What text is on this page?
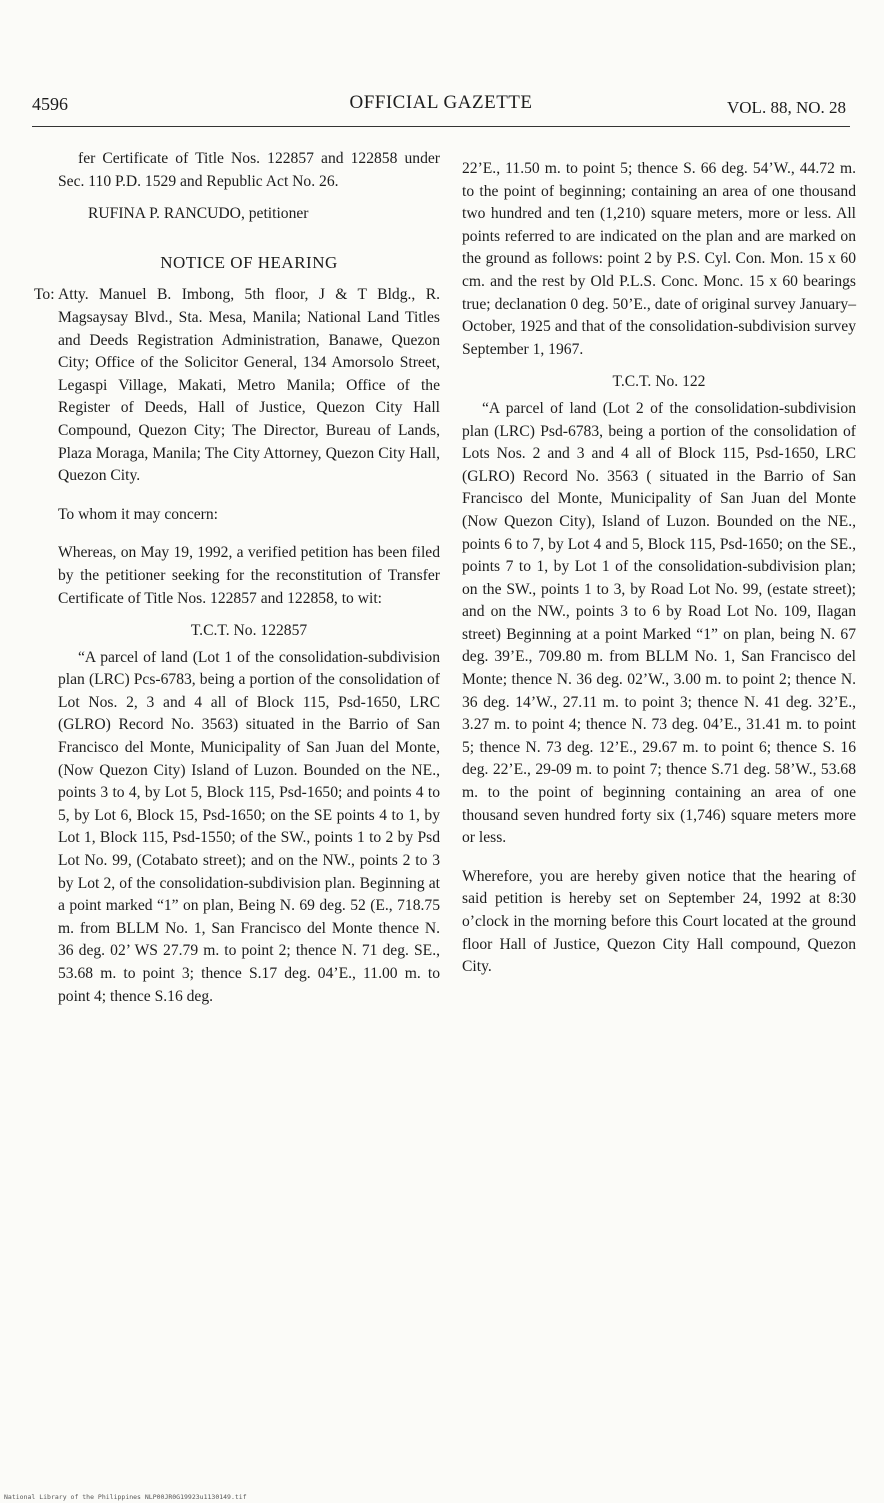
4596	OFFICIAL GAZETTE	VOL. 88, NO. 28

fer Certificate of Title Nos. 122857 and 122858 under Sec. 110 P.D. 1529 and Republic Act No. 26.

RUFINA P. RANCUDO, petitioner

NOTICE OF HEARING

To: Atty. Manuel B. Imbong, 5th floor, J & T Bldg., R. Magsaysay Blvd., Sta. Mesa, Manila; National Land Titles and Deeds Registration Administration, Banawe, Quezon City; Office of the Solicitor General, 134 Amorsolo Street, Legaspi Village, Makati, Metro Manila; Office of the Register of Deeds, Hall of Justice, Quezon City Hall Compound, Quezon City; The Director, Bureau of Lands, Plaza Moraga, Manila; The City Attorney, Quezon City Hall, Quezon City.

To whom it may concern:

Whereas, on May 19, 1992, a verified petition has been filed by the petitioner seeking for the reconstitution of Transfer Certificate of Title Nos. 122857 and 122858, to wit:

T.C.T. No. 122857

“A parcel of land (Lot 1 of the consolidation-subdivision plan (LRC) Pcs-6783, being a portion of the consolidation of Lot Nos. 2, 3 and 4 all of Block 115, Psd-1650, LRC (GLRO) Record No. 3563) situated in the Barrio of San Francisco del Monte, Municipality of San Juan del Monte, (Now Quezon City) Island of Luzon. Bounded on the NE., points 3 to 4, by Lot 5, Block 115, Psd-1650; and points 4 to 5, by Lot 6, Block 15, Psd-1650; on the SE points 4 to 1, by Lot 1, Block 115, Psd-1550; of the SW., points 1 to 2 by Psd Lot No. 99, (Cotabato street); and on the NW., points 2 to 3 by Lot 2, of the consolidation-subdivision plan. Beginning at a point marked “1” on plan, Being N. 69 deg. 52 (E., 718.75 m. from BLLM No. 1, San Francisco del Monte thence N. 36 deg. 02’ WS 27.79 m. to point 2; thence N. 71 deg. SE., 53.68 m. to point 3; thence S.17 deg. 04’E., 11.00 m. to point 4; thence S.16 deg.

22’E., 11.50 m. to point 5; thence S. 66 deg. 54’W., 44.72 m. to the point of beginning; containing an area of one thousand two hundred and ten (1,210) square meters, more or less. All points referred to are indicated on the plan and are marked on the ground as follows: point 2 by P.S. Cyl. Con. Mon. 15 x 60 cm. and the rest by Old P.L.S. Conc. Monc. 15 x 60 bearings true; declanation 0 deg. 50’E., date of original survey January–October, 1925 and that of the consolidation-subdivision survey September 1, 1967.

T.C.T. No. 122

“A parcel of land (Lot 2 of the consolidation-subdivision plan (LRC) Psd-6783, being a portion of the consolidation of Lots Nos. 2 and 3 and 4 all of Block 115, Psd-1650, LRC (GLRO) Record No. 3563 ( situated in the Barrio of San Francisco del Monte, Municipality of San Juan del Monte (Now Quezon City), Island of Luzon. Bounded on the NE., points 6 to 7, by Lot 4 and 5, Block 115, Psd-1650; on the SE., points 7 to 1, by Lot 1 of the consolidation-subdivision plan; on the SW., points 1 to 3, by Road Lot No. 99, (estate street); and on the NW., points 3 to 6 by Road Lot No. 109, Ilagan street) Beginning at a point Marked “1” on plan, being N. 67 deg. 39’E., 709.80 m. from BLLM No. 1, San Francisco del Monte; thence N. 36 deg. 02’W., 3.00 m. to point 2; thence N. 36 deg. 14’W., 27.11 m. to point 3; thence N. 41 deg. 32’E., 3.27 m. to point 4; thence N. 73 deg. 04’E., 31.41 m. to point 5; thence N. 73 deg. 12’E., 29.67 m. to point 6; thence S. 16 deg. 22’E., 29-09 m. to point 7; thence S.71 deg. 58’W., 53.68 m. to the point of beginning containing an area of one thousand seven hundred forty six (1,746) square meters more or less.

Wherefore, you are hereby given notice that the hearing of said petition is hereby set on September 24, 1992 at 8:30 o’clock in the morning before this Court located at the ground floor Hall of Justice, Quezon City Hall compound, Quezon City.

National Library of the Philippines NLP00JR0G19923u1130149.tif
